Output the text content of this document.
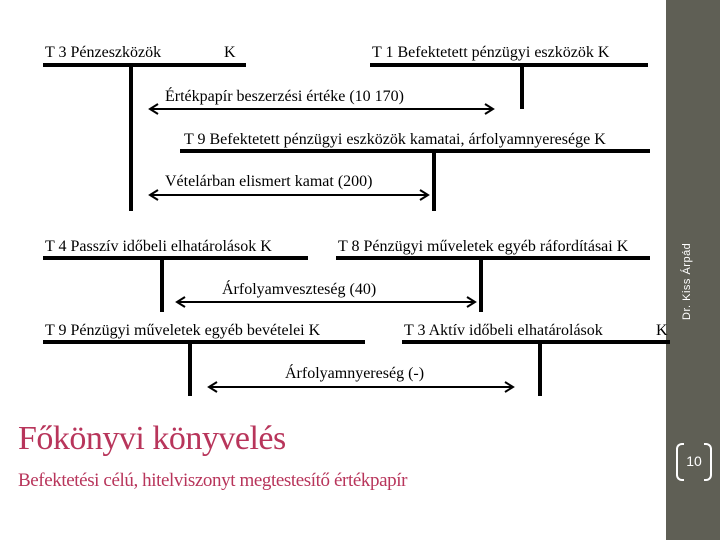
Dr. Kiss Árpád
T 3 Pénzeszközök	K	T 1 Befektetett pénzügyi eszközök K
Értékpapír beszerzési értéke (10 170)
T 9 Befektetett pénzügyi eszközök kamatai, árfolyamnyeresége K
Vételárban elismert kamat (200)
T 4 Passzív időbeli elhatárolások K	T 8 Pénzügyi műveletek egyéb ráfordításai K
Árfolyamveszteség (40)
T 9 Pénzügyi műveletek egyéb bevételei K	T 3 Aktív időbeli elhatárolások	K
Árfolyamnyereség (-)
Főkönyvi könyvelés
Befektetési célú, hitelviszonyt megtestesítő értékpapír
10
